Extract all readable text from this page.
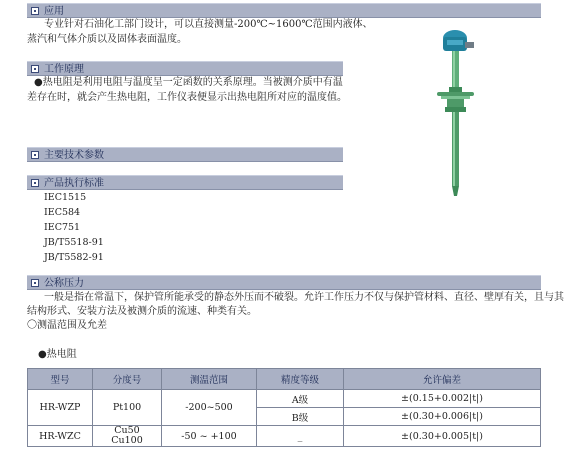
应用
专业针对石油化工部门设计，可以直接测量-200℃~1600℃范围内液体、
蒸汽和气体介质以及固体表面温度。
工作原理
●热电阻是利用电阻与温度呈一定函数的关系原理。当被测介质中有温
差存在时，就会产生热电阻，工作仪表便显示出热电阻所对应的温度值。
主要技术参数
产品执行标准
IEC1515
IEC584
IEC751
JB/T5518-91
JB/T5582-91
公称压力
一般是指在常温下，保护管所能承受的静态外压而不破裂。允许工作压力不仅与保护管材料、直径、壁厚有关，且与其
结构形式、安装方法及被测介质的流速、种类有关。
〇测温范围及允差
●热电阻
型号	分度号	测温范围	精度等级	允许偏差
HR-WZP	Pt100	-200~500	A级	±(0.15+0.002|t|)
			B级	±(0.30+0.006|t|)
HR-WZC	Cu50
Cu100	-50 ~ +100	_	±(0.30+0.005|t|)
